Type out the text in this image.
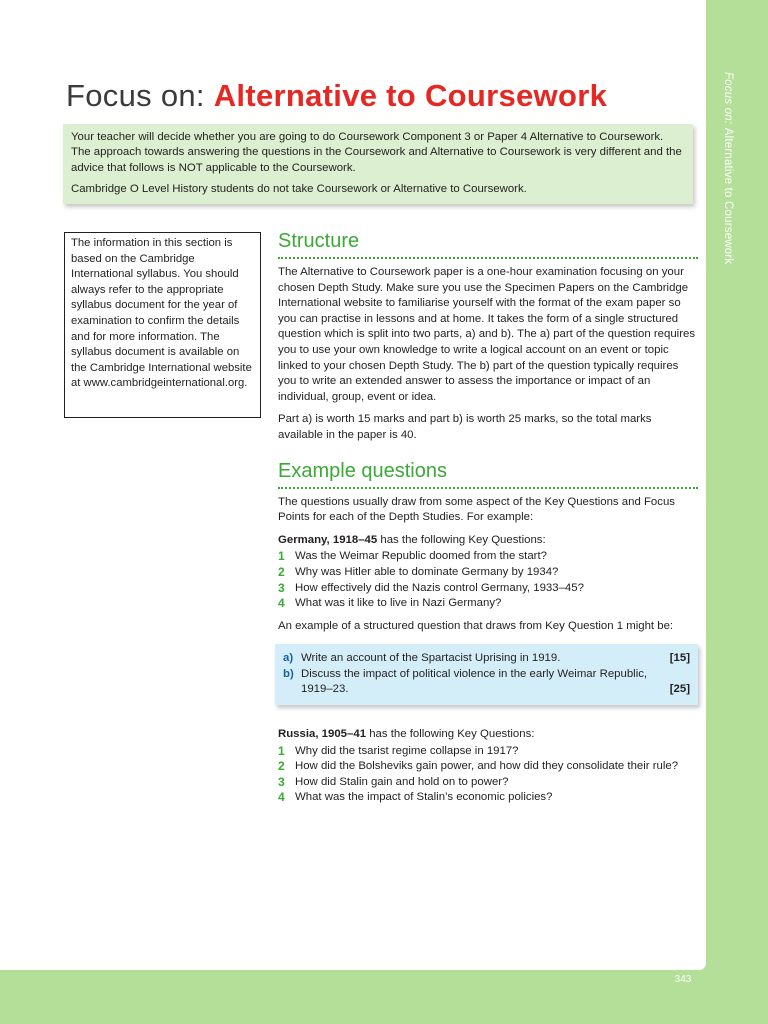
Focus on: Alternative to Coursework
343
Focus on: Alternative to Coursework

Your teacher will decide whether you are going to do Coursework Component 3 or Paper 4 Alternative to Coursework. The approach towards answering the questions in the Coursework and Alternative to Coursework is very different and the advice that follows is NOT applicable to the Coursework.

Cambridge O Level History students do not take Coursework or Alternative to Coursework.

The information in this section is based on the Cambridge International syllabus. You should always refer to the appropriate syllabus document for the year of examination to confirm the details and for more information. The syllabus document is available on the Cambridge International website at www.cambridgeinternational.org.
Structure

The Alternative to Coursework paper is a one-hour examination focusing on your chosen Depth Study. Make sure you use the Specimen Papers on the Cambridge International website to familiarise yourself with the format of the exam paper so you can practise in lessons and at home. It takes the form of a single structured question which is split into two parts, a) and b). The a) part of the question requires you to use your own knowledge to write a logical account on an event or topic linked to your chosen Depth Study. The b) part of the question typically requires you to write an extended answer to assess the importance or impact of an individual, group, event or idea.

Part a) is worth 15 marks and part b) is worth 25 marks, so the total marks available in the paper is 40.

Example questions

The questions usually draw from some aspect of the Key Questions and Focus Points for each of the Depth Studies. For example:

Germany, 1918–45 has the following Key Questions:

1 Was the Weimar Republic doomed from the start?
2 Why was Hitler able to dominate Germany by 1934?
3 How effectively did the Nazis control Germany, 1933–45?
4 What was it like to live in Nazi Germany?

An example of a structured question that draws from Key Question 1 might be:

a) Write an account of the Spartacist Uprising in 1919.	[15]
b) Discuss the impact of political violence in the early Weimar Republic, 1919–23.	[25]

Russia, 1905–41 has the following Key Questions:

1 Why did the tsarist regime collapse in 1917?
2 How did the Bolsheviks gain power, and how did they consolidate their rule?
3 How did Stalin gain and hold on to power?
4 What was the impact of Stalin’s economic policies?
